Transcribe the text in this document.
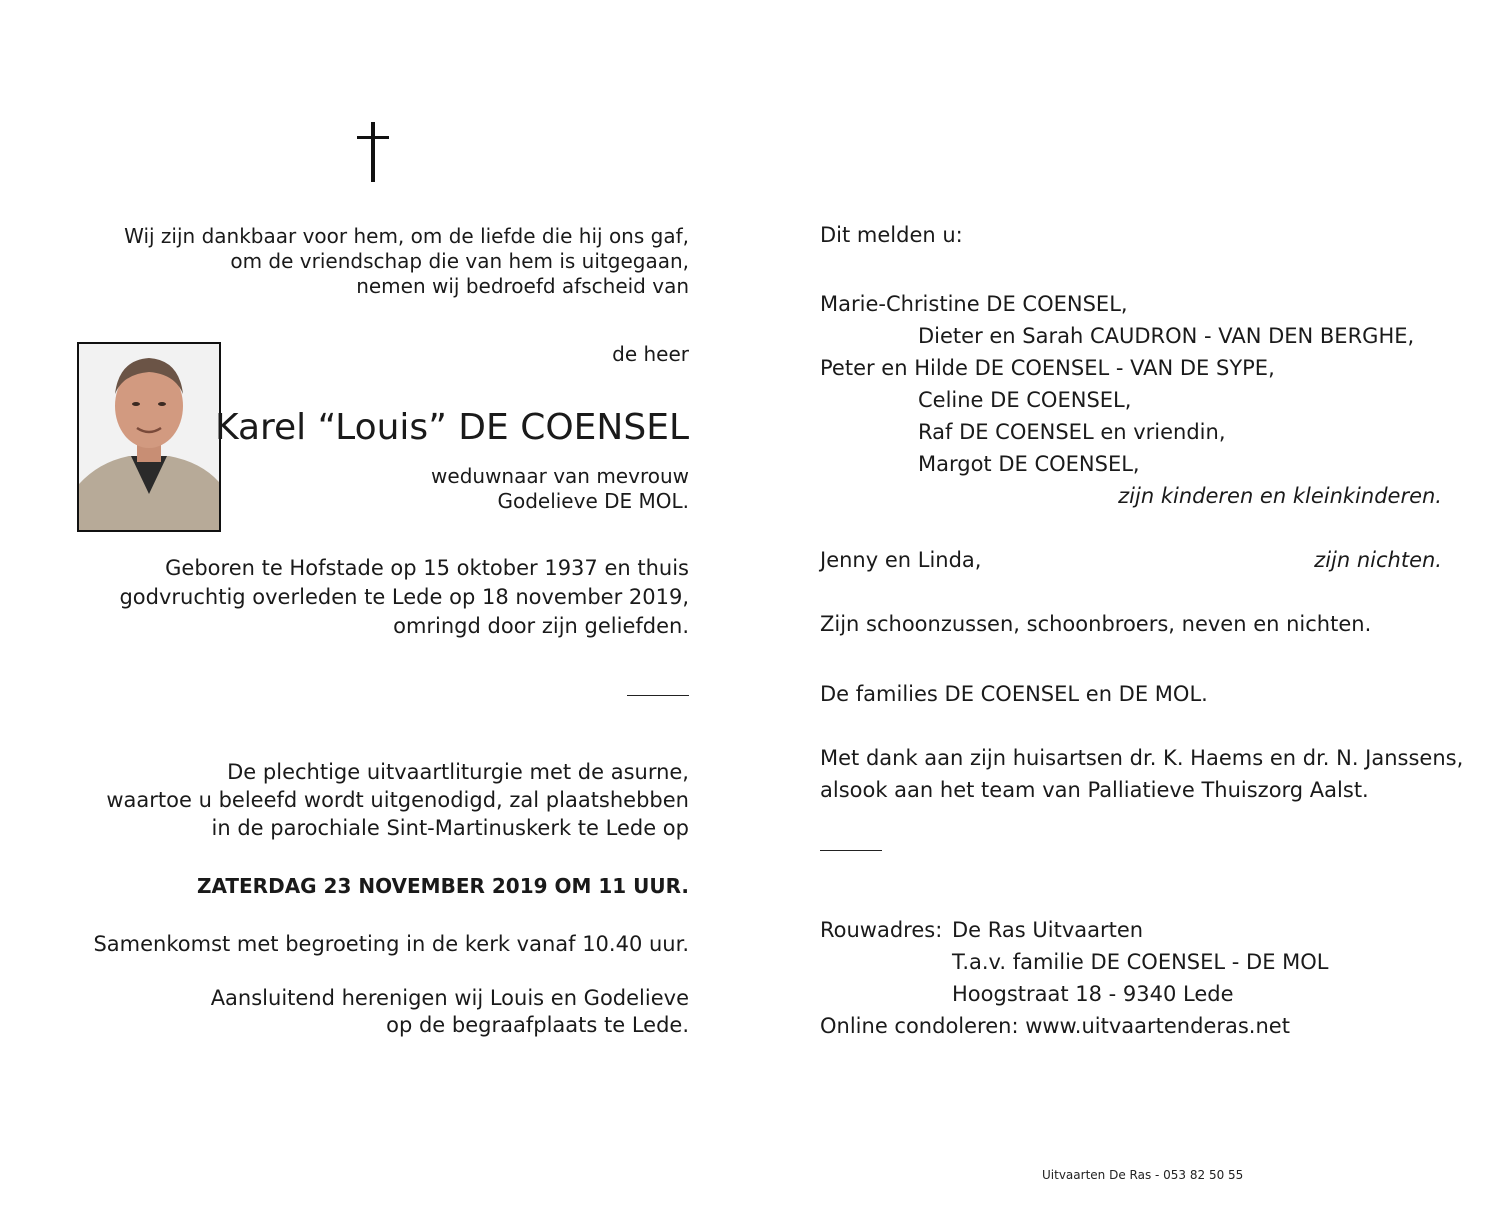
Wij zijn dankbaar voor hem, om de liefde die hij ons gaf,
om de vriendschap die van hem is uitgegaan,
nemen wij bedroefd afscheid van
de heer
Karel “Louis” DE COENSEL
weduwnaar van mevrouw
Godelieve DE MOL.
Geboren te Hofstade op 15 oktober 1937 en thuis
godvruchtig overleden te Lede op 18 november 2019,
omringd door zijn geliefden.
De plechtige uitvaartliturgie met de asurne,
waartoe u beleefd wordt uitgenodigd, zal plaatshebben
in de parochiale Sint-Martinuskerk te Lede op
ZATERDAG 23 NOVEMBER 2019 OM 11 UUR.
Samenkomst met begroeting in de kerk vanaf 10.40 uur.
Aansluitend herenigen wij Louis en Godelieve
op de begraafplaats te Lede.
Dit melden u:
Marie-Christine DE COENSEL,
Dieter en Sarah CAUDRON - VAN DEN BERGHE,
Peter en Hilde DE COENSEL - VAN DE SYPE,
Celine DE COENSEL,
Raf DE COENSEL en vriendin,
Margot DE COENSEL,
zijn kinderen en kleinkinderen.
Jenny en Linda,	zijn nichten.
Zijn schoonzussen, schoonbroers, neven en nichten.
De families DE COENSEL en DE MOL.
Met dank aan zijn huisartsen dr. K. Haems en dr. N. Janssens,
alsook aan het team van Palliatieve Thuiszorg Aalst.
Rouwadres: De Ras Uitvaarten
T.a.v. familie DE COENSEL - DE MOL
Hoogstraat 18 - 9340 Lede
Online condoleren: www.uitvaartenderas.net
Uitvaarten De Ras - 053 82 50 55
